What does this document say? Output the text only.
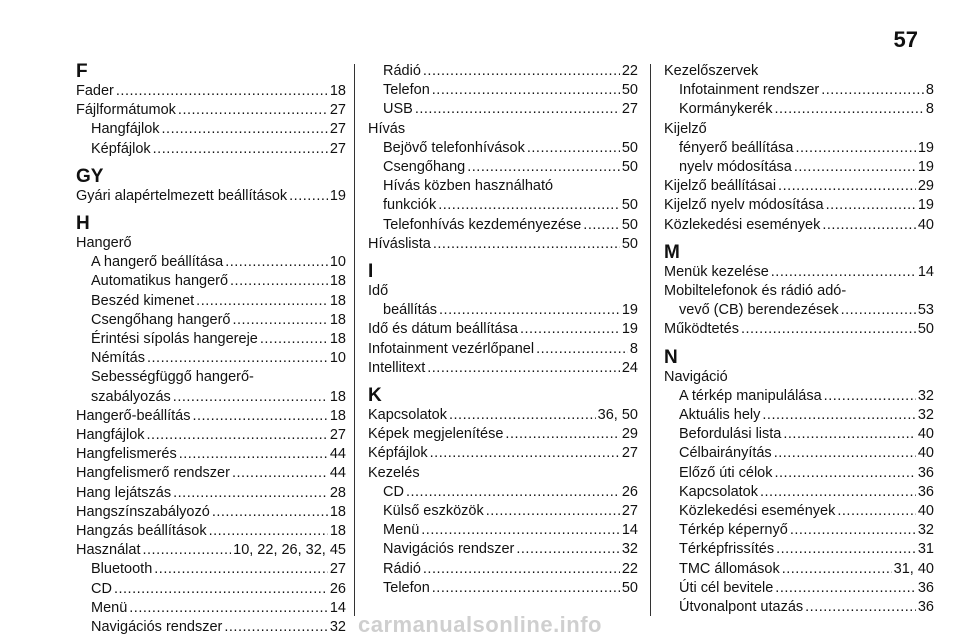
57
F
Fader .....	18
Fájlformátumok .....	27
Hangfájlok .....	27
Képfájlok .....	27
GY
Gyári alapértelmezett beállítások .....	19
H
Hangerő
A hangerő beállítása .....	10
Automatikus hangerő .....	18
Beszéd kimenet .....	18
Csengőhang hangerő .....	18
Érintési sípolás hangereje .....	18
Némítás .....	10
Sebességfüggő hangerő-
szabályozás .....	18
Hangerő-beállítás .....	18
Hangfájlok .....	27
Hangfelismerés .....	44
Hangfelismerő rendszer .....	44
Hang lejátszás .....	28
Hangszínszabályozó .....	18
Hangzás beállítások .....	18
Használat .....	10, 22, 26, 32, 45
Bluetooth .....	27
CD .....	26
Menü .....	14
Navigációs rendszer .....	32
Rádió .....	22
Telefon .....	50
USB .....	27
Hívás
Bejövő telefonhívások .....	50
Csengőhang .....	50
Hívás közben használható
funkciók .....	50
Telefonhívás kezdeményezése .....	50
Híváslista .....	50
I
Idő
beállítás .....	19
Idő és dátum beállítása .....	19
Infotainment vezérlőpanel .....	8
Intellitext .....	24
K
Kapcsolatok .....	36, 50
Képek megjelenítése .....	29
Képfájlok .....	27
Kezelés
CD .....	26
Külső eszközök .....	27
Menü .....	14
Navigációs rendszer .....	32
Rádió .....	22
Telefon .....	50
Kezelőszervek
Infotainment rendszer .....	8
Kormánykerék .....	8
Kijelző
fényerő beállítása .....	19
nyelv módosítása .....	19
Kijelző beállításai .....	29
Kijelző nyelv módosítása .....	19
Közlekedési események .....	40
M
Menük kezelése .....	14
Mobiltelefonok és rádió adó-
vevő (CB) berendezések .....	53
Működtetés .....	50
N
Navigáció
A térkép manipulálása .....	32
Aktuális hely .....	32
Befordulási lista .....	40
Célbairányítás .....	40
Előző úti célok .....	36
Kapcsolatok .....	36
Közlekedési események .....	40
Térkép képernyő .....	32
Térképfrissítés .....	31
TMC állomások .....	31, 40
Úti cél bevitele .....	36
Útvonalpont utazás .....	36
carmanualsonline.info
